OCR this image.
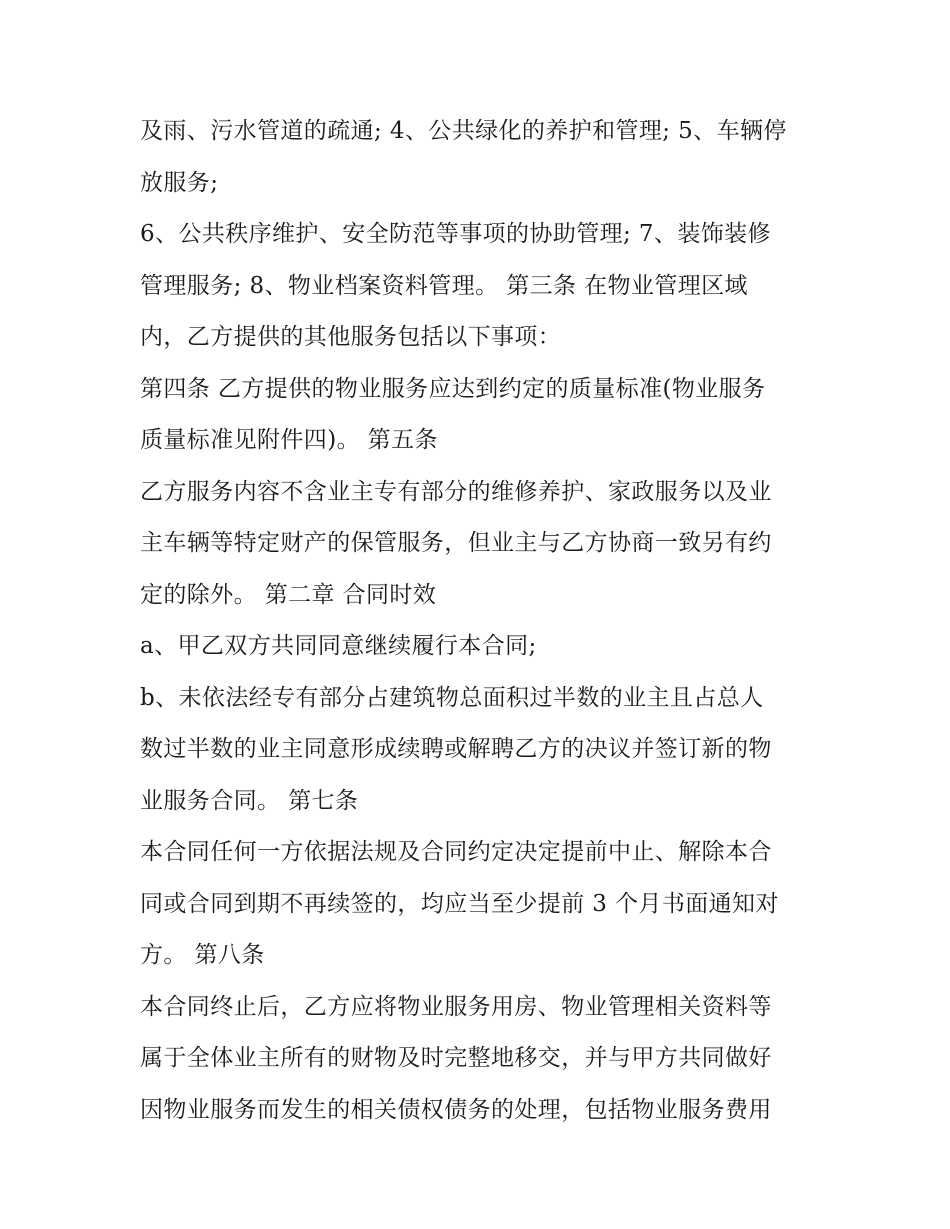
及雨、污水管道的疏通; 4、公共绿化的养护和管理; 5、车辆停
放服务;
6、公共秩序维护、安全防范等事项的协助管理; 7、装饰装修
管理服务; 8、物业档案资料管理。 第三条 在物业管理区域
内，乙方提供的其他服务包括以下事项：
第四条 乙方提供的物业服务应达到约定的质量标准(物业服务
质量标准见附件四)。 第五条
乙方服务内容不含业主专有部分的维修养护、家政服务以及业
主车辆等特定财产的保管服务，但业主与乙方协商一致另有约
定的除外。 第二章 合同时效
a、甲乙双方共同同意继续履行本合同;
b、未依法经专有部分占建筑物总面积过半数的业主且占总人
数过半数的业主同意形成续聘或解聘乙方的决议并签订新的物
业服务合同。 第七条
本合同任何一方依据法规及合同约定决定提前中止、解除本合
同或合同到期不再续签的，均应当至少提前 3 个月书面通知对
方。 第八条
本合同终止后，乙方应将物业服务用房、物业管理相关资料等
属于全体业主所有的财物及时完整地移交，并与甲方共同做好
因物业服务而发生的相关债权债务的处理，包括物业服务费用
